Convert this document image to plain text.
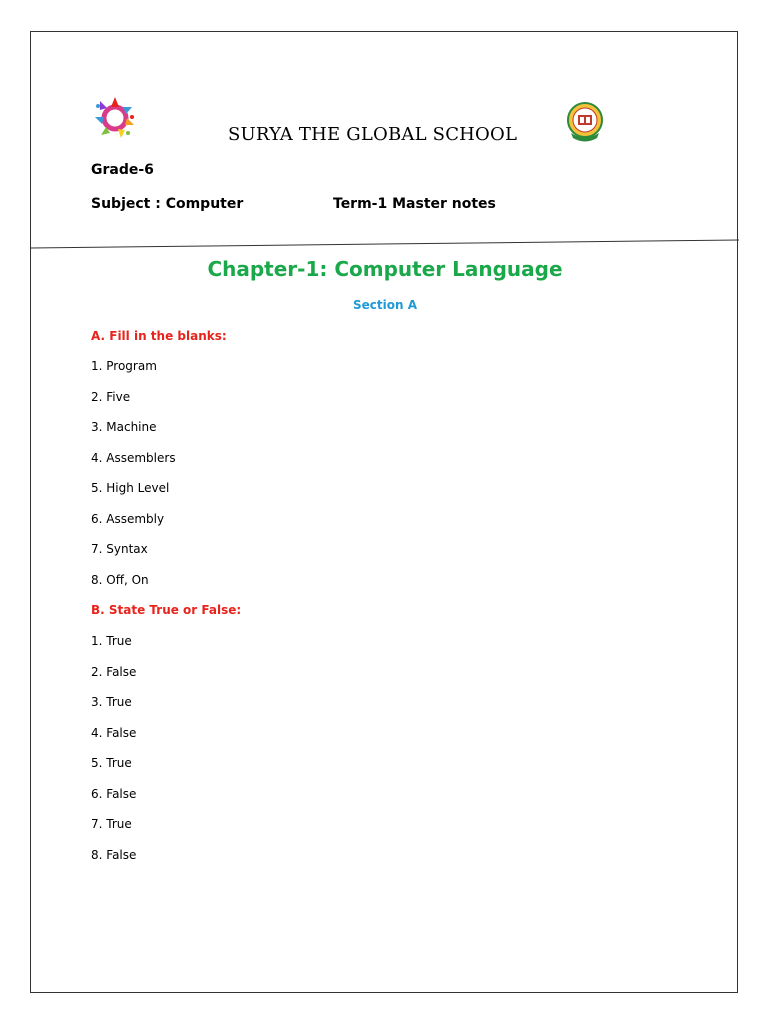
SURYA THE GLOBAL SCHOOL
Grade-6
Subject : Computer	Term-1 Master notes
Chapter-1: Computer Language
Section A
A. Fill in the blanks:
1. Program
2. Five
3. Machine
4. Assemblers
5. High Level
6. Assembly
7. Syntax
8. Off, On
B. State True or False:
1. True
2. False
3. True
4. False
5. True
6. False
7. True
8. False
